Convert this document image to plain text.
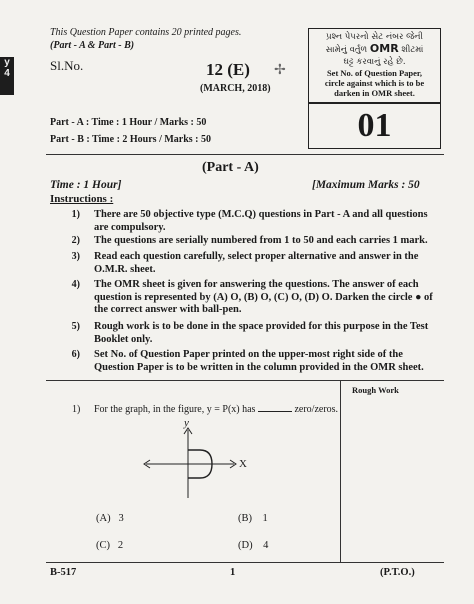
y
4
This Question Paper contains 20 printed pages.
(Part - A & Part - B)
Sl.No.	12 (E)
(MARCH, 2018)
✢
Part - A : Time : 1 Hour / Marks : 50
Part - B : Time : 2 Hours / Marks : 50
પ્રશ્ન પેપરનો સેટ નંબર જેની
સામેનું વર્તુળ OMR શીટમાં
ઘટ્ટ કરવાનું રહે છે.
Set No. of Question Paper,
circle against which is to be
darken in OMR sheet.
01
(Part - A)
Time : 1 Hour]	[Maximum Marks : 50
Instructions :
1) There are 50 objective type (M.C.Q) questions in Part - A and all questions are compulsory.
2) The questions are serially numbered from 1 to 50 and each carries 1 mark.
3) Read each question carefully, select proper alternative and answer in the O.M.R. sheet.
4) The OMR sheet is given for answering the questions. The answer of each question is represented by (A) O, (B) O, (C) O, (D) O. Darken the circle ● of the correct answer with ball-pen.
5) Rough work is to be done in the space provided for this purpose in the Test Booklet only.
6) Set No. of Question Paper printed on the upper-most right side of the Question Paper is to be written in the column provided in the OMR sheet.
Rough Work
1) For the graph, in the figure, y = P(x) has	zero/zeros.
y
X
(A) 3	(B) 1
(C) 2	(D) 4
B-517	1	(P.T.O.)
